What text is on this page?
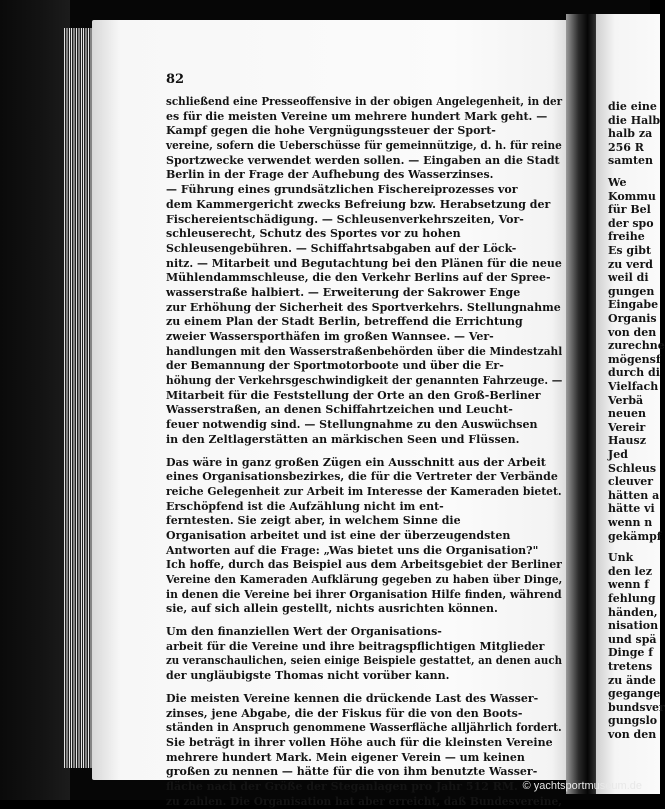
82
schließend eine Presseoffensive in der obigen Angelegenheit, in der
es für die meisten Vereine um mehrere hundert Mark geht. —
Kampf gegen die hohe Vergnügungssteuer der Sport-
vereine, sofern die Ueberschüsse für gemeinnützige, d. h. für reine
Sportzwecke verwendet werden sollen. — Eingaben an die Stadt
Berlin in der Frage der Aufhebung des Wasserzinses.
— Führung eines grundsätzlichen Fischereiprozesses vor
dem Kammergericht zwecks Befreiung bzw. Herabsetzung der
Fischereientschädigung. — Schleusenverkehrszeiten, Vor-
schleuserecht, Schutz des Sportes vor zu hohen
Schleusengebühren. — Schiffahrtsabgaben auf der Löck-
nitz. — Mitarbeit und Begutachtung bei den Plänen für die neue
Mühlendammschleuse, die den Verkehr Berlins auf der Spree-
wasserstraße halbiert. — Erweiterung der Sakrower Enge
zur Erhöhung der Sicherheit des Sportverkehrs. Stellungnahme
zu einem Plan der Stadt Berlin, betreffend die Errichtung
zweier Wassersporthäfen im großen Wannsee. — Ver-
handlungen mit den Wasserstraßenbehörden über die Mindestzahl
der Bemannung der Sportmotorboote und über die Er-
höhung der Verkehrsgeschwindigkeit der genannten Fahrzeuge. —
Mitarbeit für die Feststellung der Orte an den Groß-Berliner
Wasserstraßen, an denen Schiffahrtzeichen und Leucht-
feuer notwendig sind. — Stellungnahme zu den Auswüchsen
in den Zeltlagerstätten an märkischen Seen und Flüssen.
Das wäre in ganz großen Zügen ein Ausschnitt aus der Arbeit
eines Organisationsbezirkes, die für die Vertreter der Verbände
reiche Gelegenheit zur Arbeit im Interesse der Kameraden bietet.
Erschöpfend ist die Aufzählung nicht im ent-
ferntesten. Sie zeigt aber, in welchem Sinne die
Organisation arbeitet und ist eine der überzeugendsten
Antworten auf die Frage: „Was bietet uns die Organisation?"
Ich hoffe, durch das Beispiel aus dem Arbeitsgebiet der Berliner
Vereine den Kameraden Aufklärung gegeben zu haben über Dinge,
in denen die Vereine bei ihrer Organisation Hilfe finden, während
sie, auf sich allein gestellt, nichts ausrichten können.
Um den finanziellen Wert der Organisations-
arbeit für die Vereine und ihre beitragspflichtigen Mitglieder
zu veranschaulichen, seien einige Beispiele gestattet, an denen auch
der ungläubigste Thomas nicht vorüber kann.
Die meisten Vereine kennen die drückende Last des Wasser-
zinses, jene Abgabe, die der Fiskus für die von den Boots-
ständen in Anspruch genommene Wasserfläche alljährlich fordert.
Sie beträgt in ihrer vollen Höhe auch für die kleinsten Vereine
mehrere hundert Mark. Mein eigener Verein — um keinen
großen zu nennen — hätte für die von ihm benutzte Wasser-
fläche nach der Größe der Steganlagen pro Jahr 512 RM.
zu zahlen. Die Organisation hat aber erreicht, daß Bundesvereine,
die eine
die Halb
halb za
256 R
samten
We
Kommu
für Bel
der spo
freihe
Es gibt
zu verd
weil di
gungen
Eingabe
Organis
von den
zurechne
mögensf
durch di
Vielfach
Verbä
neuen
Vereir
Hausz
Jed
Schleus
cleuver
hätten a
hätte vi
wenn n
gekämpf
Unk
den lez
wenn f
fehlung
händen,
nisation
und spä
Dinge f
tretens
zu ände
gegange
bundsver
gungslo
von den
© yachtsportmuseum.de
